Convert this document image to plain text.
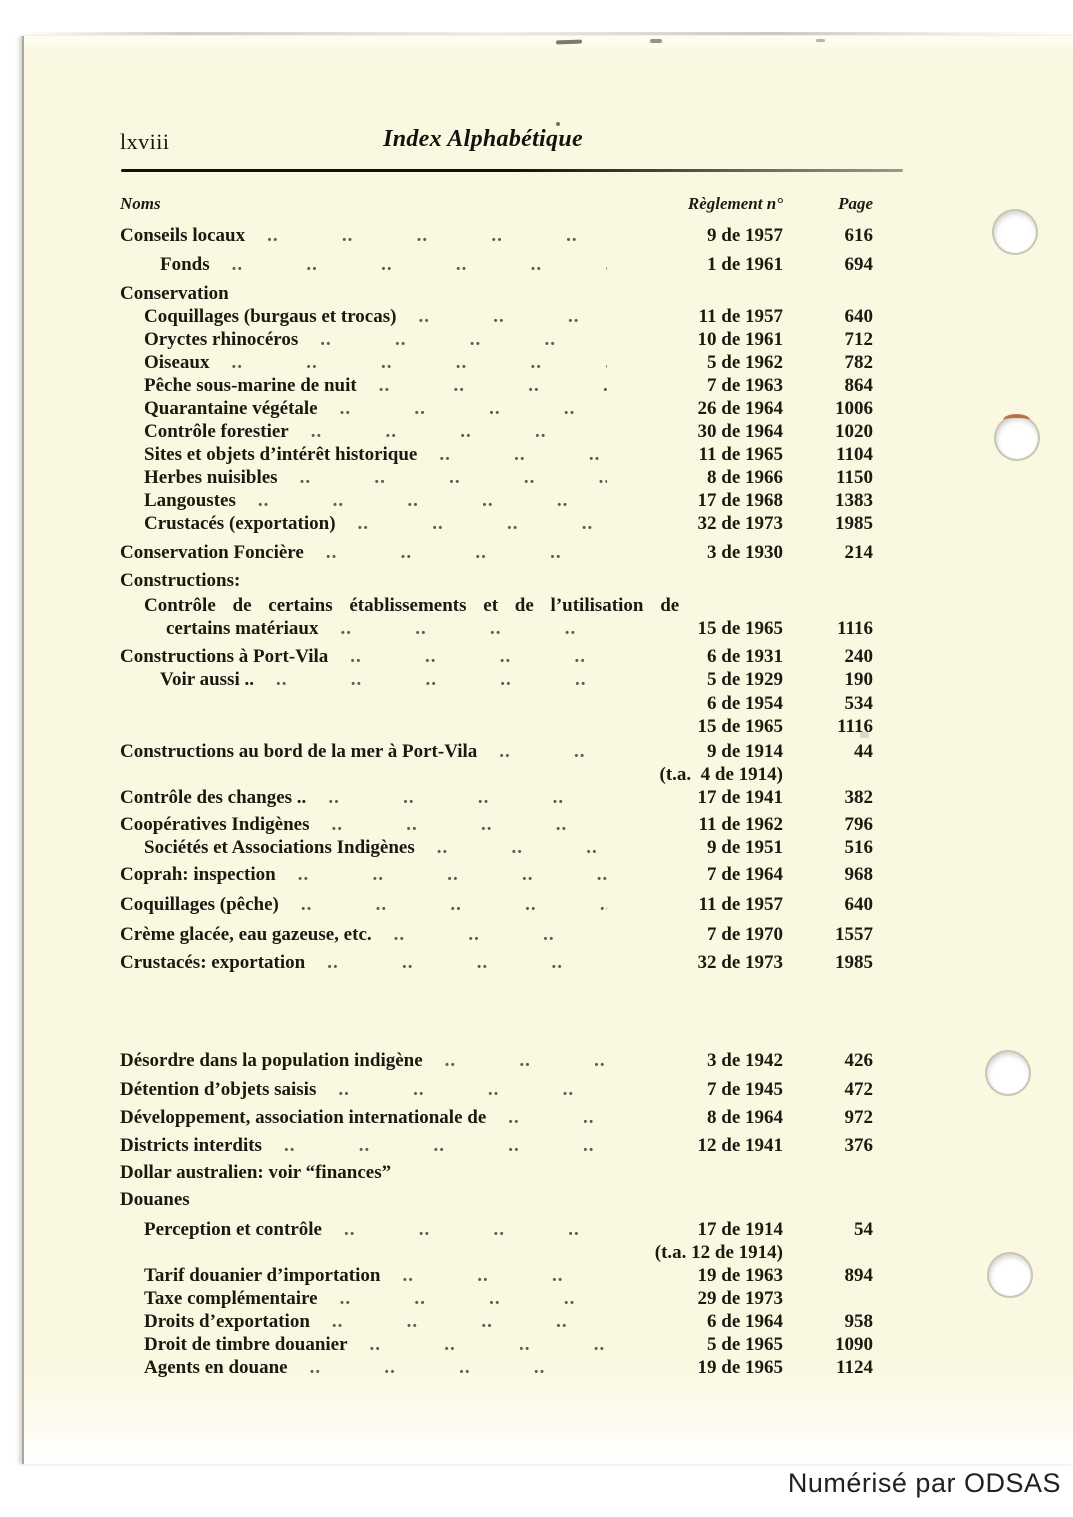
lxviii	Index Alphabétique
Noms	Règlement n°	Page
Conseils locaux ..	9 de 1957	616
Fonds ..	1 de 1961	694
Conservation
Coquillages (burgaus et trocas) ..	11 de 1957	640
Oryctes rhinocéros ..	10 de 1961	712
Oiseaux ..	5 de 1962	782
Pêche sous-marine de nuit ..	7 de 1963	864
Quarantaine végétale ..	26 de 1964	1006
Contrôle forestier ..	30 de 1964	1020
Sites et objets d’intérêt historique ..	11 de 1965	1104
Herbes nuisibles ..	8 de 1966	1150
Langoustes ..	17 de 1968	1383
Crustacés (exportation) ..	32 de 1973	1985
Conservation Foncière ..	3 de 1930	214
Constructions:
Contrôle de certains établissements et de l’utilisation de
certains matériaux ..	15 de 1965	1116
Constructions à Port-Vila ..	6 de 1931	240
Voir aussi .. ..	5 de 1929	190
6 de 1954	534
15 de 1965	1116
Constructions au bord de la mer à Port-Vila ..	9 de 1914	44
(t.a.  4 de 1914)
Contrôle des changes .. ..	17 de 1941	382
Coopératives Indigènes ..	11 de 1962	796
Sociétés et Associations Indigènes ..	9 de 1951	516
Coprah: inspection ..	7 de 1964	968
Coquillages (pêche) ..	11 de 1957	640
Crème glacée, eau gazeuse, etc. ..	7 de 1970	1557
Crustacés: exportation ..	32 de 1973	1985
Désordre dans la population indigène ..	3 de 1942	426
Détention d’objets saisis ..	7 de 1945	472
Développement, association internationale de ..	8 de 1964	972
Districts interdits ..	12 de 1941	376
Dollar australien: voir “finances”
Douanes
Perception et contrôle ..	17 de 1914	54
(t.a. 12 de 1914)
Tarif douanier d’importation ..	19 de 1963	894
Taxe complémentaire ..	29 de 1973
Droits d’exportation ..	6 de 1964	958
Droit de timbre douanier ..	5 de 1965	1090
Agents en douane ..	19 de 1965	1124
Numérisé par ODSAS
